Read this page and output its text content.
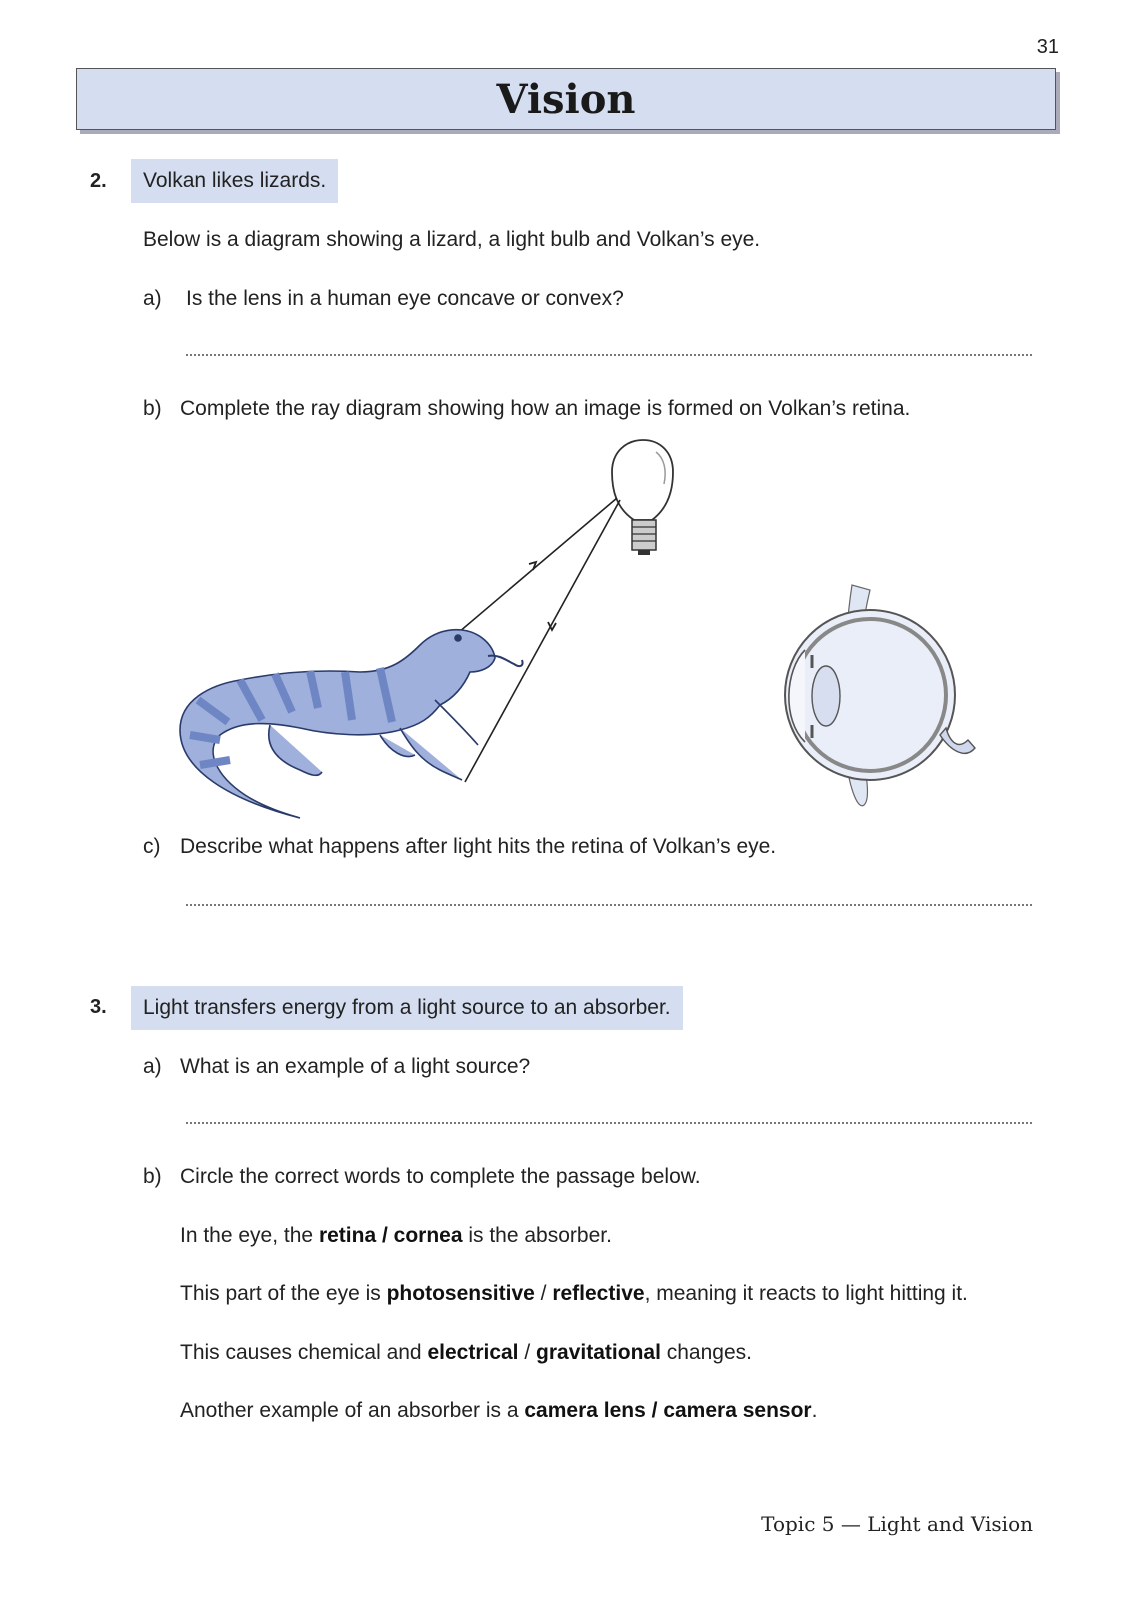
31
Vision
2.	Volkan likes lizards.
Below is a diagram showing a lizard, a light bulb and Volkan’s eye.
a) Is the lens in a human eye concave or convex?
b) Complete the ray diagram showing how an image is formed on Volkan’s retina.
c) Describe what happens after light hits the retina of Volkan’s eye.
3.	Light transfers energy from a light source to an absorber.
a) What is an example of a light source?
b) Circle the correct words to complete the passage below.
In the eye, the retina / cornea is the absorber.
This part of the eye is photosensitive / reflective, meaning it reacts to light hitting it.
This causes chemical and electrical / gravitational changes.
Another example of an absorber is a camera lens / camera sensor.
Topic 5 — Light and Vision
